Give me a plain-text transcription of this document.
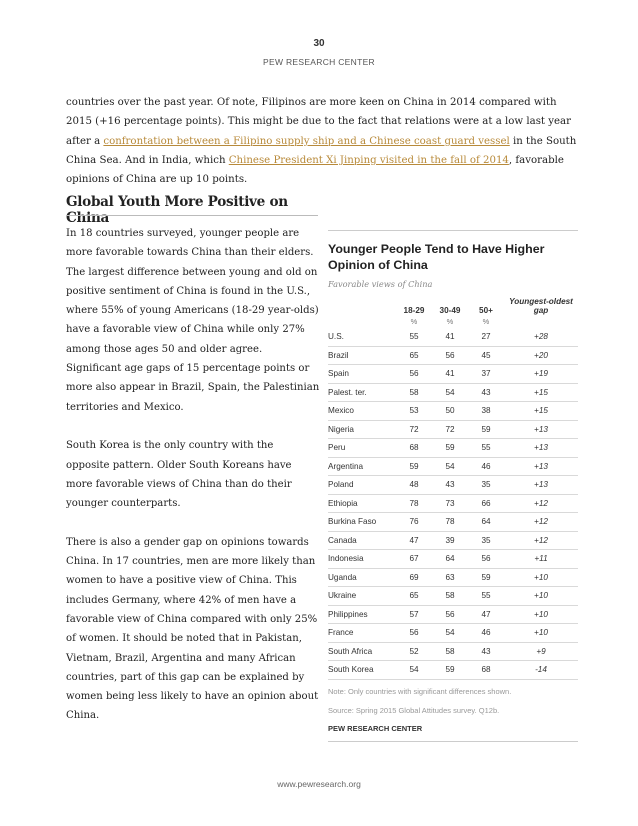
30
PEW RESEARCH CENTER

countries over the past year. Of note, Filipinos are more keen on China in 2014 compared with 2015 (+16 percentage points). This might be due to the fact that relations were at a low last year after a confrontation between a Filipino supply ship and a Chinese coast guard vessel in the South China Sea. And in India, which Chinese President Xi Jinping visited in the fall of 2014, favorable opinions of China are up 10 points.

Global Youth More Positive on China

In 18 countries surveyed, younger people are more favorable towards China than their elders. The largest difference between young and old on positive sentiment of China is found in the U.S., where 55% of young Americans (18-29 year-olds) have a favorable view of China while only 27% among those ages 50 and older agree. Significant age gaps of 15 percentage points or more also appear in Brazil, Spain, the Palestinian territories and Mexico.

South Korea is the only country with the opposite pattern. Older South Koreans have more favorable views of China than do their younger counterparts.

There is also a gender gap on opinions towards China. In 17 countries, men are more likely than women to have a positive view of China. This includes Germany, where 42% of men have a favorable view of China compared with only 25% of women. It should be noted that in Pakistan, Vietnam, Brazil, Argentina and many African countries, part of this gap can be explained by women being less likely to have an opinion about China.

Younger People Tend to Have Higher Opinion of China
Favorable views of China
	18-29	30-49	50+	Youngest-oldest gap
	%	%	%	
U.S.	55	41	27	+28
Brazil	65	56	45	+20
Spain	56	41	37	+19
Palest. ter.	58	54	43	+15
Mexico	53	50	38	+15
Nigeria	72	72	59	+13
Peru	68	59	55	+13
Argentina	59	54	46	+13
Poland	48	43	35	+13
Ethiopia	78	73	66	+12
Burkina Faso	76	78	64	+12
Canada	47	39	35	+12
Indonesia	67	64	56	+11
Uganda	69	63	59	+10
Ukraine	65	58	55	+10
Philippines	57	56	47	+10
France	56	54	46	+10
South Africa	52	58	43	+9
South Korea	54	59	68	-14
Note: Only countries with significant differences shown.
Source: Spring 2015 Global Attitudes survey. Q12b.
PEW RESEARCH CENTER
www.pewresearch.org
